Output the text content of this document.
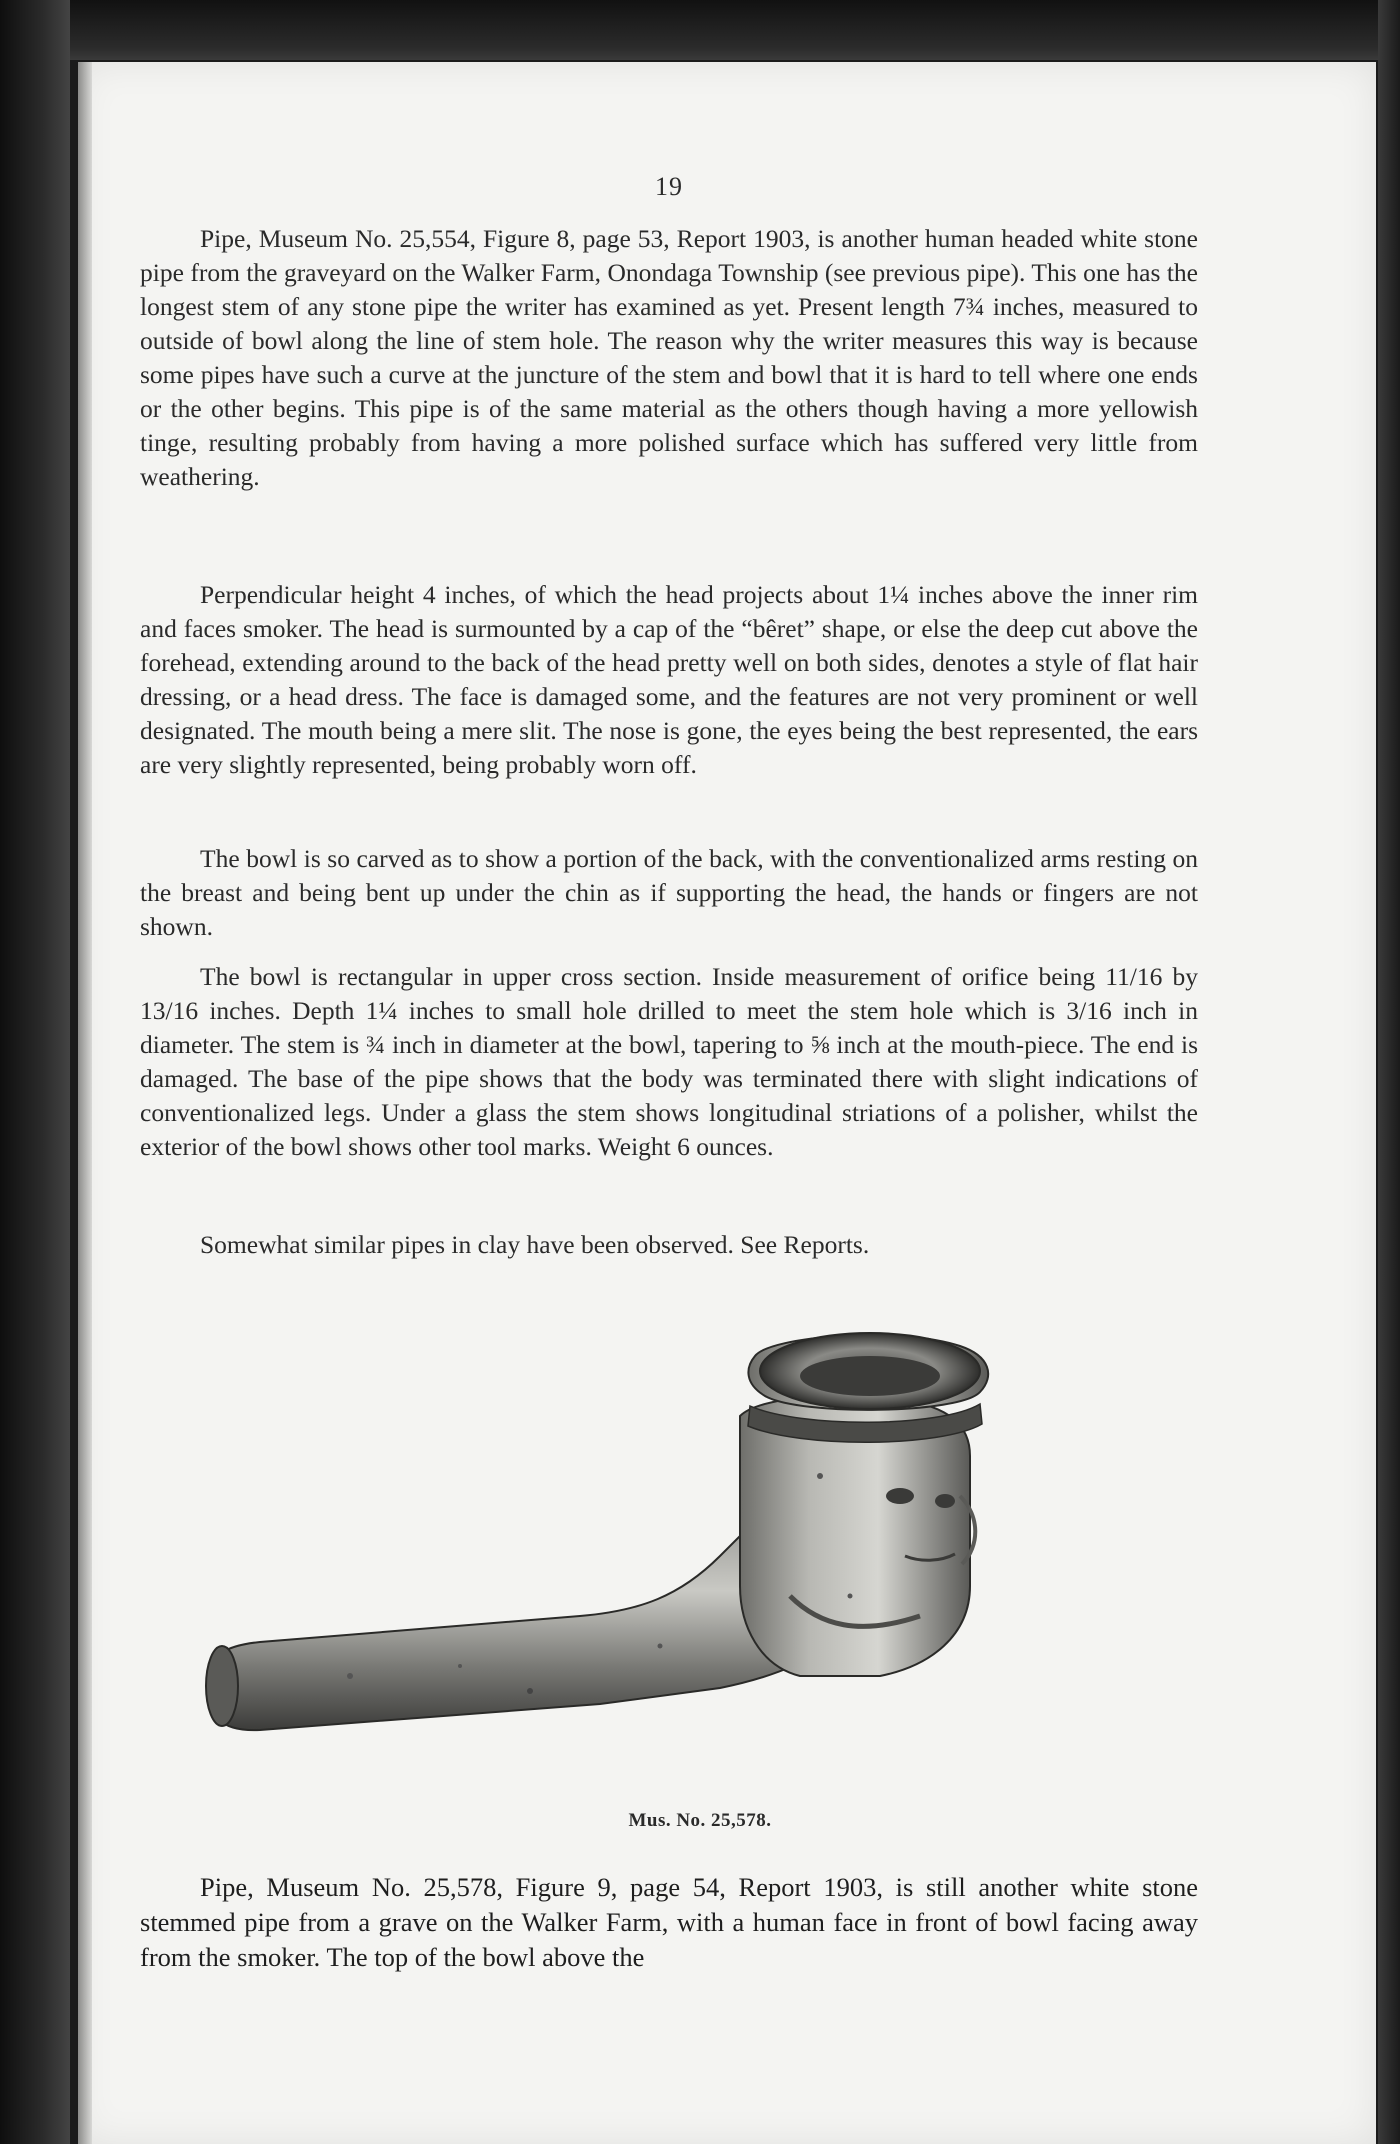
19

Pipe, Museum No. 25,554, Figure 8, page 53, Report 1903, is another human headed white stone pipe from the graveyard on the Walker Farm, Onondaga Township (see previous pipe). This one has the longest stem of any stone pipe the writer has examined as yet. Present length 7¾ inches, measured to outside of bowl along the line of stem hole. The reason why the writer measures this way is because some pipes have such a curve at the juncture of the stem and bowl that it is hard to tell where one ends or the other begins. This pipe is of the same material as the others though having a more yellowish tinge, resulting probably from having a more polished surface which has suffered very little from weathering.

Perpendicular height 4 inches, of which the head projects about 1¼ inches above the inner rim and faces smoker. The head is surmounted by a cap of the “bêret” shape, or else the deep cut above the forehead, extending around to the back of the head pretty well on both sides, denotes a style of flat hair dressing, or a head dress. The face is damaged some, and the features are not very prominent or well designated. The mouth being a mere slit. The nose is gone, the eyes being the best represented, the ears are very slightly represented, being probably worn off.

The bowl is so carved as to show a portion of the back, with the conventionalized arms resting on the breast and being bent up under the chin as if supporting the head, the hands or fingers are not shown.

The bowl is rectangular in upper cross section. Inside measurement of orifice being 11/16 by 13/16 inches. Depth 1¼ inches to small hole drilled to meet the stem hole which is 3/16 inch in diameter. The stem is ¾ inch in diameter at the bowl, tapering to ⅝ inch at the mouth-piece. The end is damaged. The base of the pipe shows that the body was terminated there with slight indications of conventionalized legs. Under a glass the stem shows longitudinal striations of a polisher, whilst the exterior of the bowl shows other tool marks. Weight 6 ounces.

Somewhat similar pipes in clay have been observed. See Reports.

Mus. No. 25,578.

Pipe, Museum No. 25,578, Figure 9, page 54, Report 1903, is still another white stone stemmed pipe from a grave on the Walker Farm, with a human face in front of bowl facing away from the smoker. The top of the bowl above the
